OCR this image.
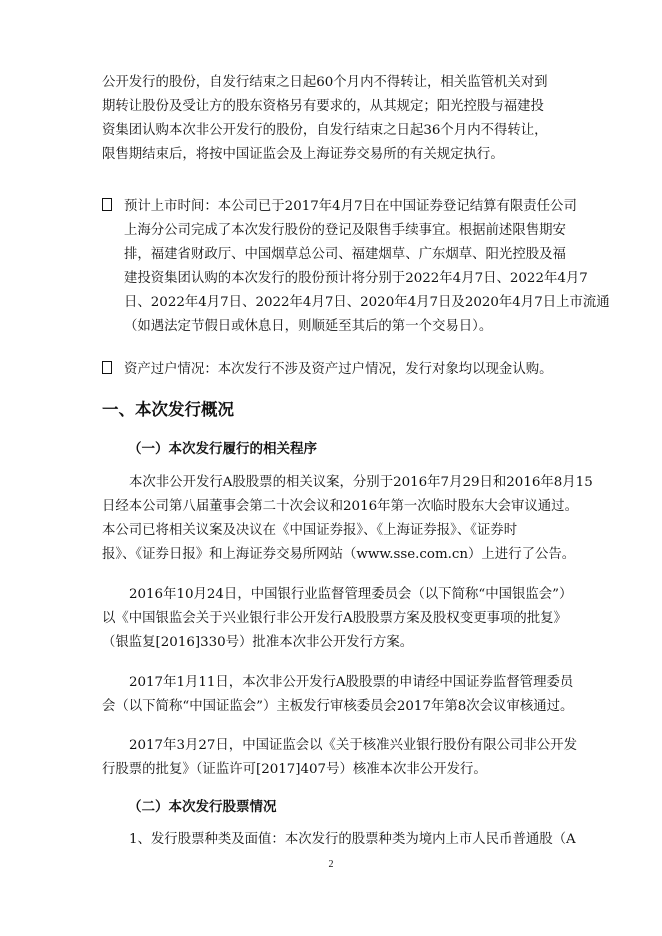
公开发行的股份，自发行结束之日起60个月内不得转让，相关监管机关对到
期转让股份及受让方的股东资格另有要求的，从其规定；阳光控股与福建投
资集团认购本次非公开发行的股份，自发行结束之日起36个月内不得转让，
限售期结束后，将按中国证监会及上海证券交易所的有关规定执行。

预计上市时间：本公司已于2017年4月7日在中国证券登记结算有限责任公司
上海分公司完成了本次发行股份的登记及限售手续事宜。根据前述限售期安
排，福建省财政厅、中国烟草总公司、福建烟草、广东烟草、阳光控股及福
建投资集团认购的本次发行的股份预计将分别于2022年4月7日、2022年4月7
日、2022年4月7日、2022年4月7日、2020年4月7日及2020年4月7日上市流通
（如遇法定节假日或休息日，则顺延至其后的第一个交易日）。

资产过户情况：本次发行不涉及资产过户情况，发行对象均以现金认购。

一、本次发行概况
（一）本次发行履行的相关程序

本次非公开发行A股股票的相关议案，分别于2016年7月29日和2016年8月15
日经本公司第八届董事会第二十次会议和2016年第一次临时股东大会审议通过。
本公司已将相关议案及决议在《中国证券报》、《上海证券报》、《证券时
报》、《证券日报》和上海证券交易所网站（www.sse.com.cn）上进行了公告。

2016年10月24日，中国银行业监督管理委员会（以下简称“中国银监会”）
以《中国银监会关于兴业银行非公开发行A股股票方案及股权变更事项的批复》
（银监复[2016]330号）批准本次非公开发行方案。

2017年1月11日，本次非公开发行A股股票的申请经中国证券监督管理委员
会（以下简称“中国证监会”）主板发行审核委员会2017年第8次会议审核通过。

2017年3月27日，中国证监会以《关于核准兴业银行股份有限公司非公开发
行股票的批复》（证监许可[2017]407号）核准本次非公开发行。

（二）本次发行股票情况

1、发行股票种类及面值：本次发行的股票种类为境内上市人民币普通股（A

2
